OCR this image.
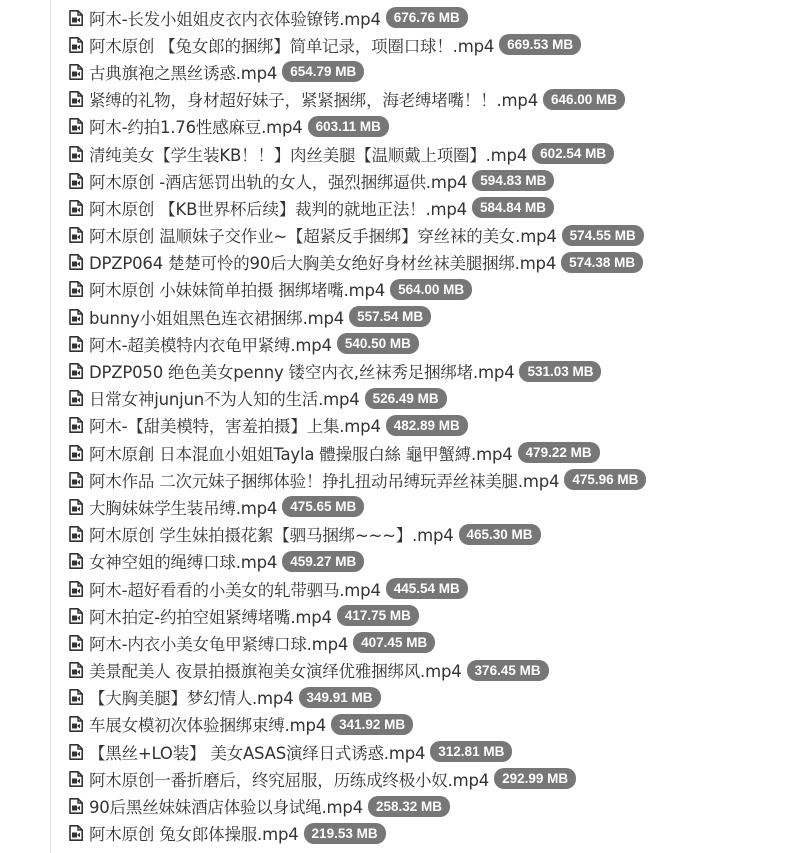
阿木-长发小姐姐皮衣内衣体验镣铐.mp4 676.76 MB
阿木原创 【兔女郎的捆绑】简单记录，项圈口球！.mp4 669.53 MB
古典旗袍之黑丝诱惑.mp4 654.79 MB
紧缚的礼物，身材超好妹子，紧紧捆绑，海老缚堵嘴！！.mp4 646.00 MB
阿木-约拍1.76性感麻豆.mp4 603.11 MB
清纯美女【学生装KB！！】肉丝美腿【温顺戴上项圈】.mp4 602.54 MB
阿木原创 -酒店惩罚出轨的女人，强烈捆绑逼供.mp4 594.83 MB
阿木原创 【KB世界杯后续】裁判的就地正法！.mp4 584.84 MB
阿木原创 温顺妹子交作业~【超紧反手捆绑】穿丝袜的美女.mp4 574.55 MB
DPZP064 楚楚可怜的90后大胸美女绝好身材丝袜美腿捆绑.mp4 574.38 MB
阿木原创 小妹妹简单拍摄 捆绑堵嘴.mp4 564.00 MB
bunny小姐姐黑色连衣裙捆绑.mp4 557.54 MB
阿木-超美模特内衣龟甲紧缚.mp4 540.50 MB
DPZP050 绝色美女penny 镂空内衣,丝袜秀足捆绑堵.mp4 531.03 MB
日常女神junjun不为人知的生活.mp4 526.49 MB
阿木-【甜美模特，害羞拍摄】上集.mp4 482.89 MB
阿木原創 日本混血小姐姐Tayla 體操服白絲 龜甲蟹縛.mp4 479.22 MB
阿木作品 二次元妹子捆绑体验！挣扎扭动吊缚玩弄丝袜美腿.mp4 475.96 MB
大胸妹妹学生装吊缚.mp4 475.65 MB
阿木原创 学生妹拍摄花絮【驷马捆绑~~~】.mp4 465.30 MB
女神空姐的绳缚口球.mp4 459.27 MB
阿木-超好看看的小美女的轧带驷马.mp4 445.54 MB
阿木拍定-约拍空姐紧缚堵嘴.mp4 417.75 MB
阿木-内衣小美女龟甲紧缚口球.mp4 407.45 MB
美景配美人 夜景拍摄旗袍美女演绎优雅捆绑风.mp4 376.45 MB
【大胸美腿】梦幻情人.mp4 349.91 MB
车展女模初次体验捆绑束缚.mp4 341.92 MB
【黑丝+LO装】 美女ASAS演绎日式诱惑.mp4 312.81 MB
阿木原创一番折磨后，终究屈服，历练成终极小奴.mp4 292.99 MB
90后黑丝妹妹酒店体验以身试绳.mp4 258.32 MB
阿木原创 兔女郎体操服.mp4 219.53 MB
